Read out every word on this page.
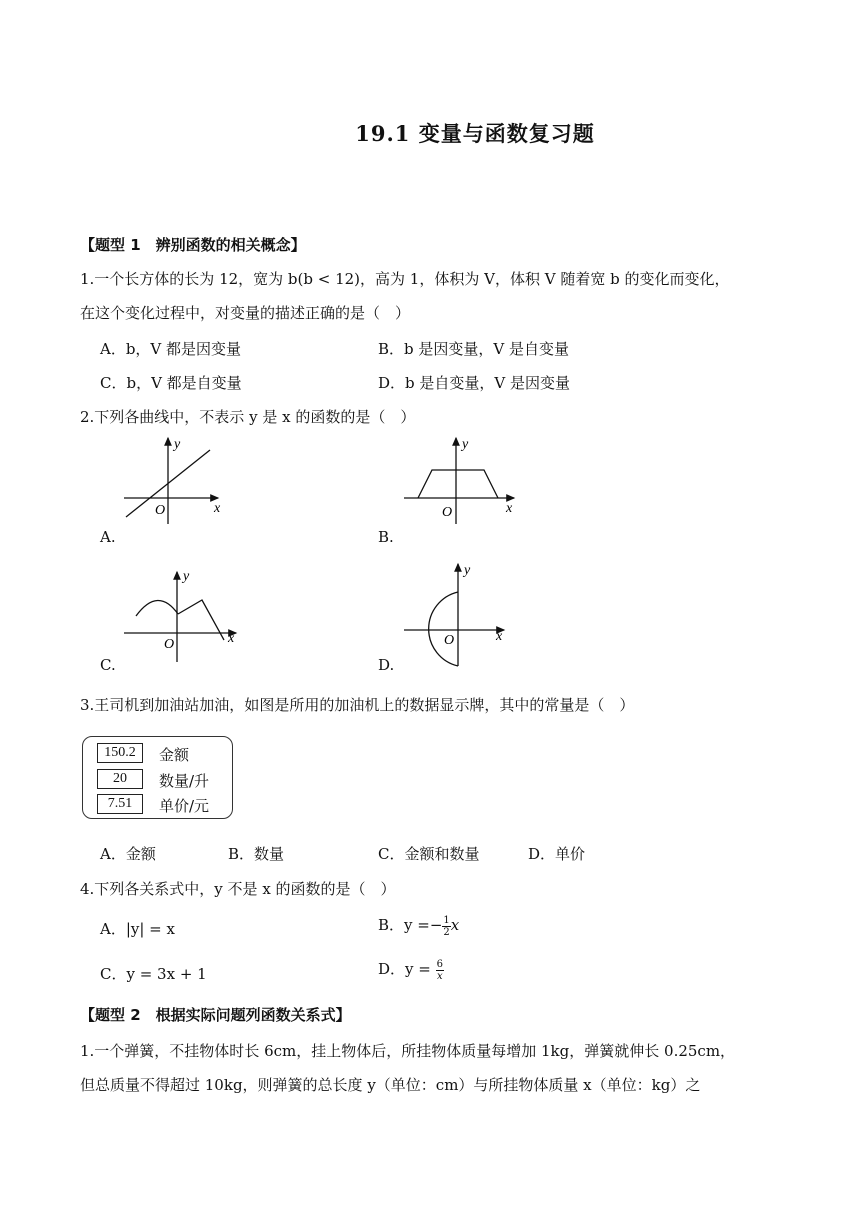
19.1 变量与函数复习题
【题型 1　辨别函数的相关概念】
1.一个长方体的长为 12，宽为 b(b < 12)，高为 1，体积为 V，体积 V 随着宽 b 的变化而变化，
在这个变化过程中，对变量的描述正确的是（　）
A．b，V 都是因变量	B．b 是因变量，V 是自变量
C．b，V 都是自变量	D．b 是自变量，V 是因变量
2.下列各曲线中，不表示 y 是 x 的函数的是（　）
x
y
O
A.
x
y
O
B.
x
y
O
C.
x
y
O
D.
3.王司机到加油站加油，如图是所用的加油机上的数据显示牌，其中的常量是（　）
150.2	金额
20	数量/升
7.51	单价/元
A．金额	B．数量	C．金额和数量	D．单价
4.下列各关系式中，y 不是 x 的函数的是（　）
A．|y| = x	B．$y =- \frac{1}{2}$ x
C．y = 3x + 1	D．$y = \frac{6}{x}$
【题型 2　根据实际问题列函数关系式】
1.一个弹簧，不挂物体时长 6cm，挂上物体后，所挂物体质量每增加 1kg，弹簧就伸长 0.25cm，
但总质量不得超过 10kg，则弹簧的总长度 y（单位：cm）与所挂物体质量 x（单位：kg）之
